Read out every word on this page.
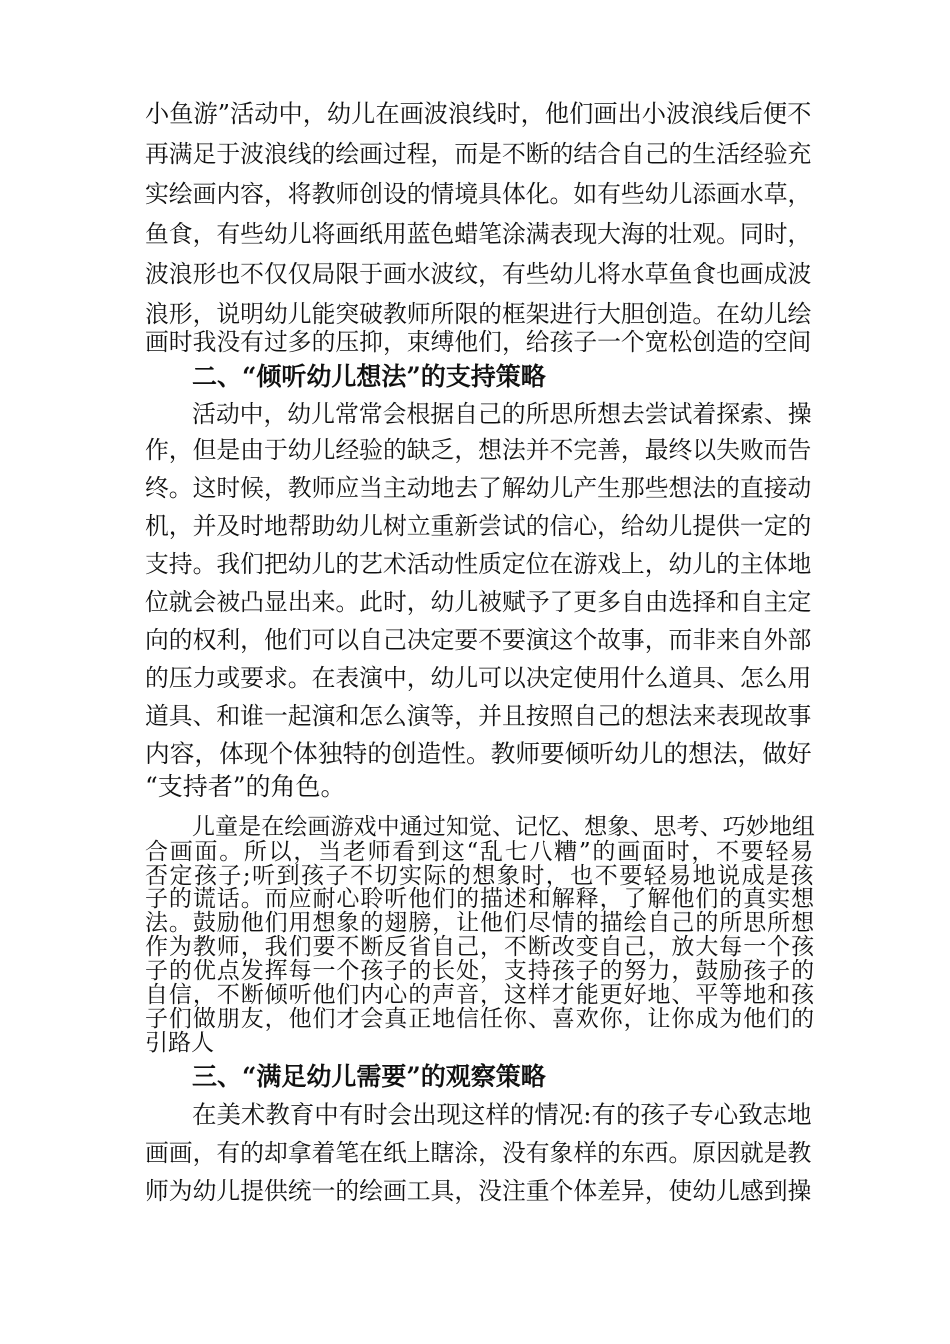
小鱼游”活动中，幼儿在画波浪线时，他们画出小波浪线后便不
再满足于波浪线的绘画过程，而是不断的结合自己的生活经验充
实绘画内容，将教师创设的情境具体化。如有些幼儿添画水草，
鱼食，有些幼儿将画纸用蓝色蜡笔涂满表现大海的壮观。同时，
波浪形也不仅仅局限于画水波纹，有些幼儿将水草鱼食也画成波
浪形，说明幼儿能突破教师所限的框架进行大胆创造。在幼儿绘
画时我没有过多的压抑，束缚他们，给孩子一个宽松创造的空间
二、“倾听幼儿想法”的支持策略
活动中，幼儿常常会根据自己的所思所想去尝试着探索、操
作，但是由于幼儿经验的缺乏，想法并不完善，最终以失败而告
终。这时候，教师应当主动地去了解幼儿产生那些想法的直接动
机，并及时地帮助幼儿树立重新尝试的信心，给幼儿提供一定的
支持。我们把幼儿的艺术活动性质定位在游戏上，幼儿的主体地
位就会被凸显出来。此时，幼儿被赋予了更多自由选择和自主定
向的权利，他们可以自己决定要不要演这个故事，而非来自外部
的压力或要求。在表演中，幼儿可以决定使用什么道具、怎么用
道具、和谁一起演和怎么演等，并且按照自己的想法来表现故事
内容，体现个体独特的创造性。教师要倾听幼儿的想法，做好
“支持者”的角色。
儿童是在绘画游戏中通过知觉、记忆、想象、思考、巧妙地组
合画面。所以，当老师看到这“乱七八糟”的画面时，不要轻易
否定孩子;听到孩子不切实际的想象时，也不要轻易地说成是孩
子的谎话。而应耐心聆听他们的描述和解释，了解他们的真实想
法。鼓励他们用想象的翅膀，让他们尽情的描绘自己的所思所想
作为教师，我们要不断反省自己，不断改变自己，放大每一个孩
子的优点发挥每一个孩子的长处，支持孩子的努力，鼓励孩子的
自信，不断倾听他们内心的声音，这样才能更好地、平等地和孩
子们做朋友，他们才会真正地信任你、喜欢你，让你成为他们的
引路人
三、“满足幼儿需要”的观察策略
在美术教育中有时会出现这样的情况:有的孩子专心致志地
画画，有的却拿着笔在纸上瞎涂，没有象样的东西。原因就是教
师为幼儿提供统一的绘画工具，没注重个体差异，使幼儿感到操
